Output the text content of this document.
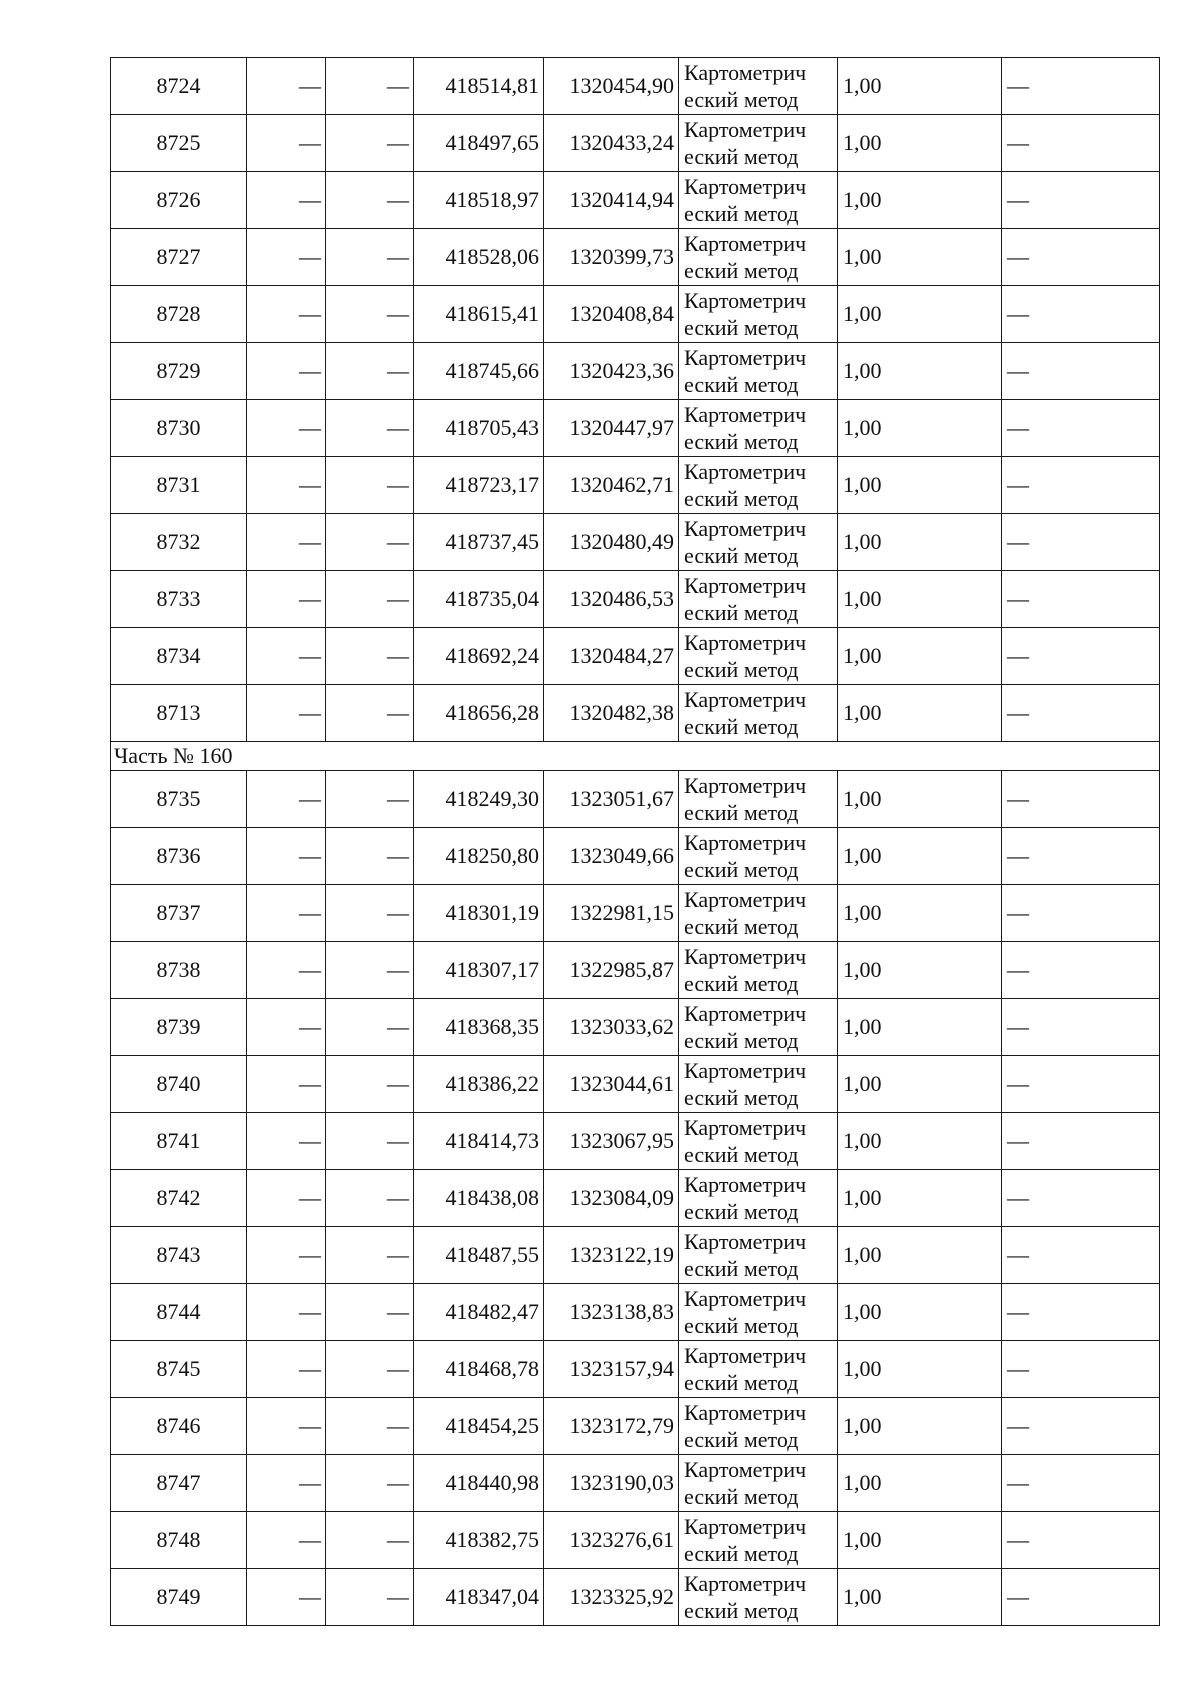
8724	—	—	418514,81	1320454,90	Картометрич
еский метод	1,00	—
8725	—	—	418497,65	1320433,24	Картометрич
еский метод	1,00	—
8726	—	—	418518,97	1320414,94	Картометрич
еский метод	1,00	—
8727	—	—	418528,06	1320399,73	Картометрич
еский метод	1,00	—
8728	—	—	418615,41	1320408,84	Картометрич
еский метод	1,00	—
8729	—	—	418745,66	1320423,36	Картометрич
еский метод	1,00	—
8730	—	—	418705,43	1320447,97	Картометрич
еский метод	1,00	—
8731	—	—	418723,17	1320462,71	Картометрич
еский метод	1,00	—
8732	—	—	418737,45	1320480,49	Картометрич
еский метод	1,00	—
8733	—	—	418735,04	1320486,53	Картометрич
еский метод	1,00	—
8734	—	—	418692,24	1320484,27	Картометрич
еский метод	1,00	—
8713	—	—	418656,28	1320482,38	Картометрич
еский метод	1,00	—
Часть № 160							
8735	—	—	418249,30	1323051,67	Картометрич
еский метод	1,00	—
8736	—	—	418250,80	1323049,66	Картометрич
еский метод	1,00	—
8737	—	—	418301,19	1322981,15	Картометрич
еский метод	1,00	—
8738	—	—	418307,17	1322985,87	Картометрич
еский метод	1,00	—
8739	—	—	418368,35	1323033,62	Картометрич
еский метод	1,00	—
8740	—	—	418386,22	1323044,61	Картометрич
еский метод	1,00	—
8741	—	—	418414,73	1323067,95	Картометрич
еский метод	1,00	—
8742	—	—	418438,08	1323084,09	Картометрич
еский метод	1,00	—
8743	—	—	418487,55	1323122,19	Картометрич
еский метод	1,00	—
8744	—	—	418482,47	1323138,83	Картометрич
еский метод	1,00	—
8745	—	—	418468,78	1323157,94	Картометрич
еский метод	1,00	—
8746	—	—	418454,25	1323172,79	Картометрич
еский метод	1,00	—
8747	—	—	418440,98	1323190,03	Картометрич
еский метод	1,00	—
8748	—	—	418382,75	1323276,61	Картометрич
еский метод	1,00	—
8749	—	—	418347,04	1323325,92	Картометрич
еский метод	1,00	—
